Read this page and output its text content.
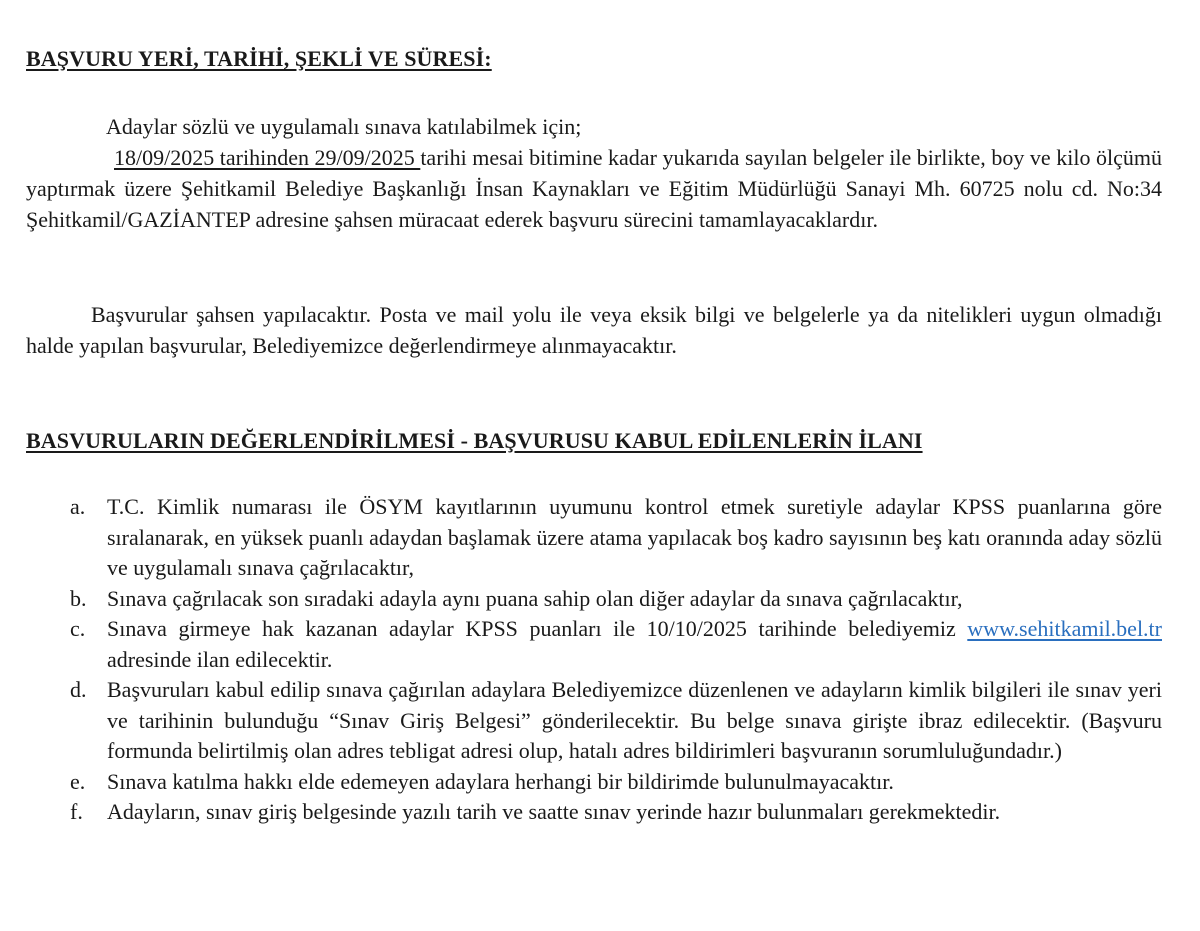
BAŞVURU YERİ, TARİHİ, ŞEKLİ VE SÜRESİ:
Adaylar sözlü ve uygulamalı sınava katılabilmek için;
18/09/2025 tarihinden 29/09/2025 tarihi mesai bitimine kadar yukarıda sayılan belgeler ile birlikte, boy ve kilo ölçümü yaptırmak üzere Şehitkamil Belediye Başkanlığı İnsan Kaynakları ve Eğitim Müdürlüğü Sanayi Mh. 60725 nolu cd. No:34 Şehitkamil/GAZİANTEP adresine şahsen müracaat ederek başvuru sürecini tamamlayacaklardır.
Başvurular şahsen yapılacaktır. Posta ve mail yolu ile veya eksik bilgi ve belgelerle ya da nitelikleri uygun olmadığı halde yapılan başvurular, Belediyemizce değerlendirmeye alınmayacaktır.
BASVURULARIN DEĞERLENDİRİLMESİ - BAŞVURUSU KABUL EDİLENLERİN İLANI
a. T.C. Kimlik numarası ile ÖSYM kayıtlarının uyumunu kontrol etmek suretiyle adaylar KPSS puanlarına göre sıralanarak, en yüksek puanlı adaydan başlamak üzere atama yapılacak boş kadro sayısının beş katı oranında aday sözlü ve uygulamalı sınava çağrılacaktır,
b. Sınava çağrılacak son sıradaki adayla aynı puana sahip olan diğer adaylar da sınava çağrılacaktır,
c. Sınava girmeye hak kazanan adaylar KPSS puanları ile 10/10/2025 tarihinde belediyemiz www.sehitkamil.bel.tr adresinde ilan edilecektir.
d. Başvuruları kabul edilip sınava çağırılan adaylara Belediyemizce düzenlenen ve adayların kimlik bilgileri ile sınav yeri ve tarihinin bulunduğu “Sınav Giriş Belgesi” gönderilecektir. Bu belge sınava girişte ibraz edilecektir. (Başvuru formunda belirtilmiş olan adres tebligat adresi olup, hatalı adres bildirimleri başvuranın sorumluluğundadır.)
e. Sınava katılma hakkı elde edemeyen adaylara herhangi bir bildirimde bulunulmayacaktır.
f. Adayların, sınav giriş belgesinde yazılı tarih ve saatte sınav yerinde hazır bulunmaları gerekmektedir.
